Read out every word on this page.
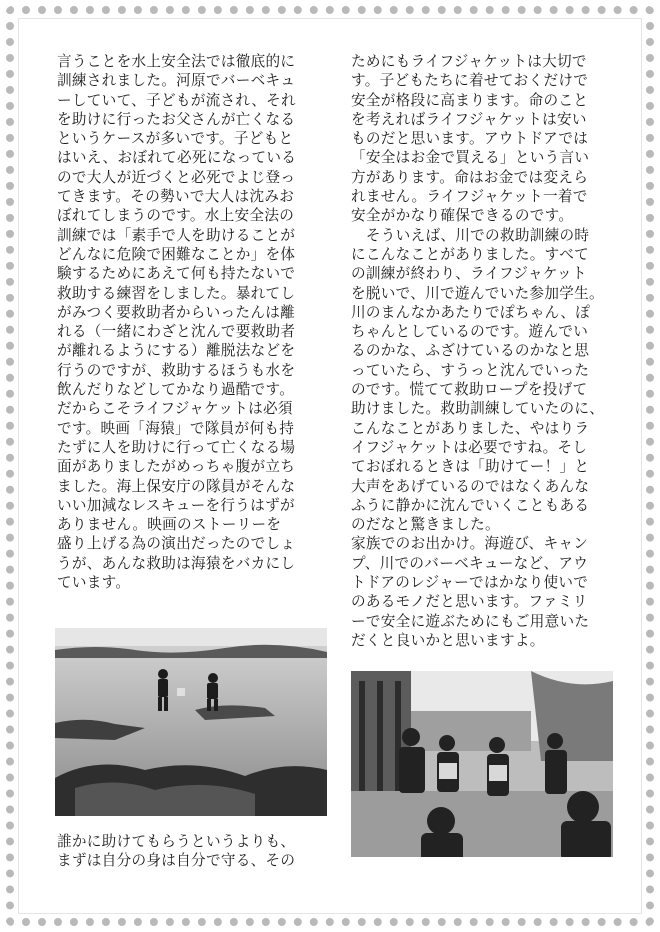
言うことを水上安全法では徹底的に
訓練されました。河原でバーベキュ
ーしていて、子どもが流され、それ
を助けに行ったお父さんが亡くなる
というケースが多いです。子どもと
はいえ、おぼれて必死になっている
ので大人が近づくと必死でよじ登っ
てきます。その勢いで大人は沈みお
ぼれてしまうのです。水上安全法の
訓練では「素手で人を助けることが
どんなに危険で困難なことか」を体
験するためにあえて何も持たないで
救助する練習をしました。暴れてし
がみつく要救助者からいったんは離
れる（一緒にわざと沈んで要救助者
が離れるようにする）離脱法などを
行うのですが、救助するほうも水を
飲んだりなどしてかなり過酷です。
だからこそライフジャケットは必須
です。映画「海猿」で隊員が何も持
たずに人を助けに行って亡くなる場
面がありましたがめっちゃ腹が立ち
ました。海上保安庁の隊員がそんな
いい加減なレスキューを行うはずが
ありません。映画のストーリーを
盛り上げる為の演出だったのでしょ
うが、あんな救助は海猿をバカにし
ています。
誰かに助けてもらうというよりも、
まずは自分の身は自分で守る、その
ためにもライフジャケットは大切で
す。子どもたちに着せておくだけで
安全が格段に高まります。命のこと
を考えればライフジャケットは安い
ものだと思います。アウトドアでは
「安全はお金で買える」という言い
方があります。命はお金では変えら
れません。ライフジャケット一着で
安全がかなり確保できるのです。
　そういえば、川での救助訓練の時
にこんなことがありました。すべて
の訓練が終わり、ライフジャケット
を脱いで、川で遊んでいた参加学生。
川のまんなかあたりでぽちゃん、ぽ
ちゃんとしているのです。遊んでい
るのかな、ふざけているのかなと思
っていたら、すうっと沈んでいった
のです。慌てて救助ロープを投げて
助けました。救助訓練していたのに、
こんなことがありました、やはりラ
イフジャケットは必要ですね。そし
ておぼれるときは「助けてー！」と
大声をあげているのではなくあんな
ふうに静かに沈んでいくこともある
のだなと驚きました。
家族でのお出かけ。海遊び、キャン
プ、川でのバーベキューなど、アウ
トドアのレジャーではかなり使いで
のあるモノだと思います。ファミリ
ーで安全に遊ぶためにもご用意いた
だくと良いかと思いますよ。
